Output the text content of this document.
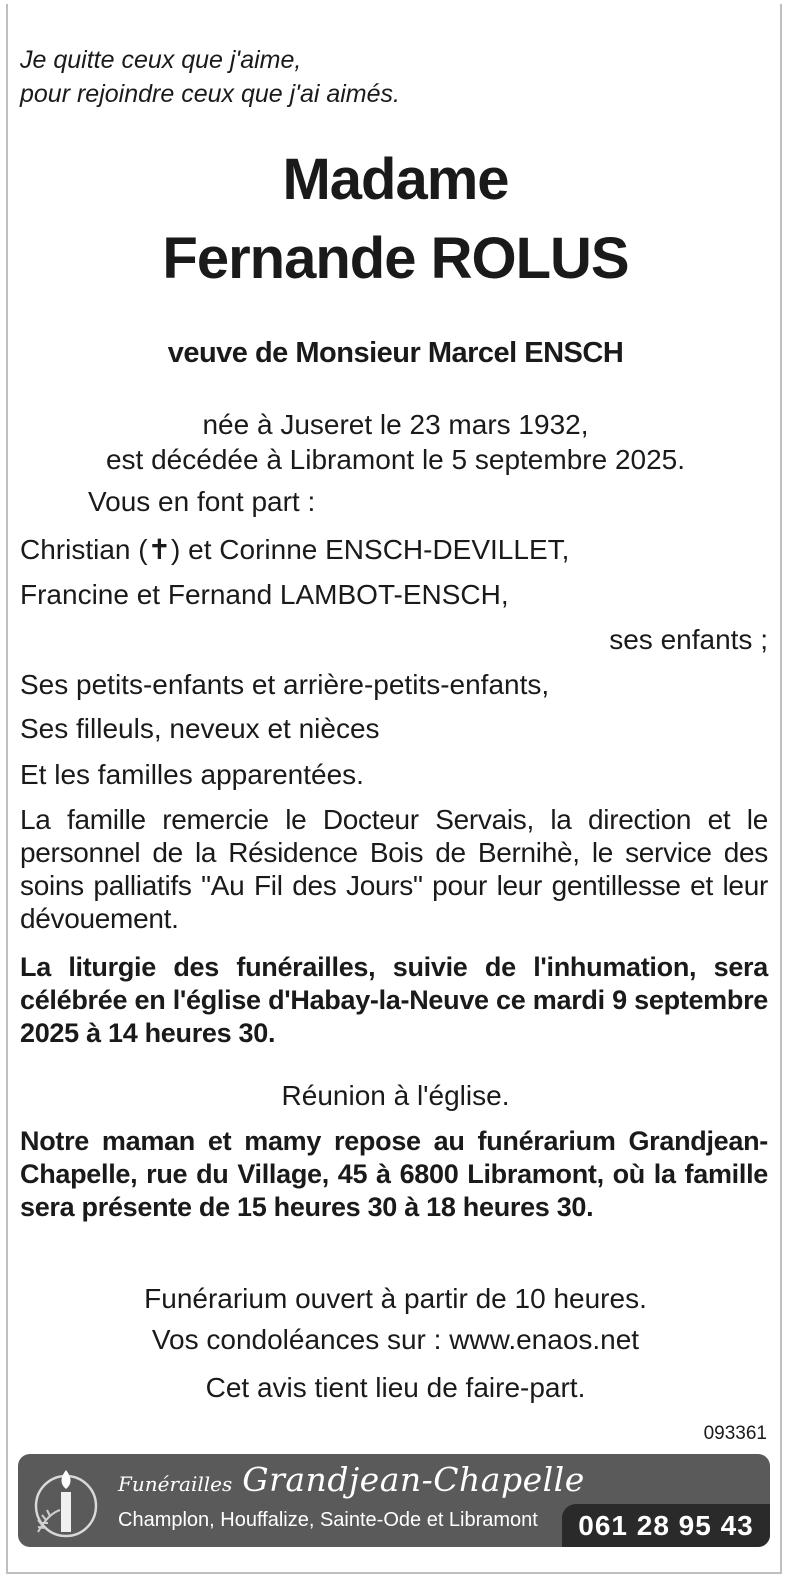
Je quitte ceux que j'aime,
pour rejoindre ceux que j'ai aimés.
Madame
Fernande ROLUS
veuve de Monsieur Marcel ENSCH
née à Juseret le 23 mars 1932,
est décédée à Libramont le 5 septembre 2025.
Vous en font part :
Christian (✝) et Corinne ENSCH-DEVILLET,
Francine et Fernand LAMBOT-ENSCH,
ses enfants ;
Ses petits-enfants et arrière-petits-enfants,
Ses filleuls, neveux et nièces
Et les familles apparentées.
La famille remercie le Docteur Servais, la direction et le personnel de la Résidence Bois de Bernihè, le service des soins palliatifs "Au Fil des Jours" pour leur gentillesse et leur dévouement.
La liturgie des funérailles, suivie de l'inhumation, sera célébrée en l'église d'Habay-la-Neuve ce mardi 9 septembre 2025 à 14 heures 30.
Réunion à l'église.
Notre maman et mamy repose au funérarium Grandjean-Chapelle, rue du Village, 45 à 6800 Libramont, où la famille sera présente de 15 heures 30 à 18 heures 30.
Funérarium ouvert à partir de 10 heures.
Vos condoléances sur : www.enaos.net
Cet avis tient lieu de faire-part.
093361
Funérailles Grandjean-Chapelle
Champlon, Houffalize, Sainte-Ode et Libramont	061 28 95 43
